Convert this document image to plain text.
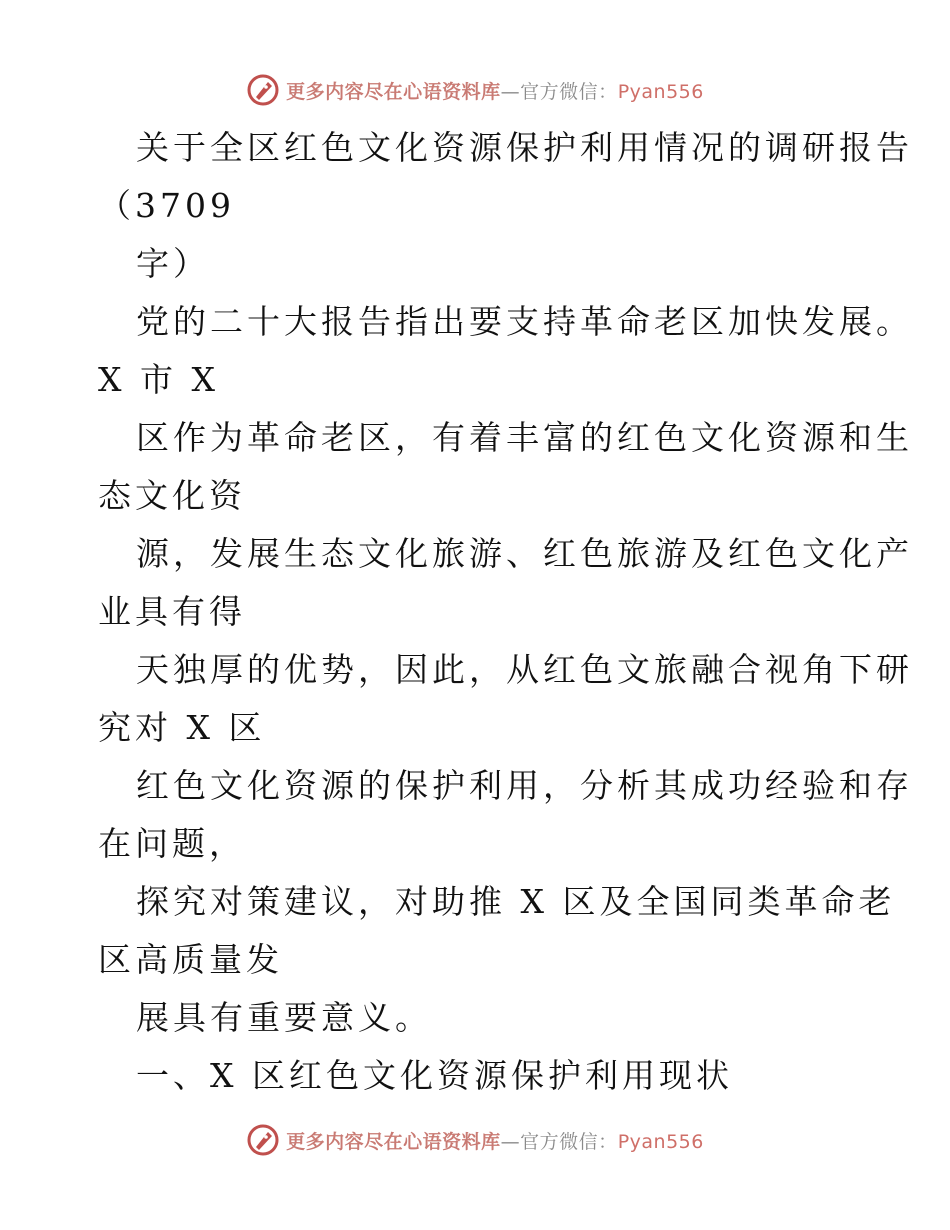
更多内容尽在心语资料库—官方微信：Pyan556
关于全区红色文化资源保护利用情况的调研报告
（3709
字）
党的二十大报告指出要支持革命老区加快发展。
X 市 X
区作为革命老区，有着丰富的红色文化资源和生
态文化资
源，发展生态文化旅游、红色旅游及红色文化产
业具有得
天独厚的优势，因此，从红色文旅融合视角下研
究对 X 区
红色文化资源的保护利用，分析其成功经验和存
在问题，
探究对策建议，对助推 X 区及全国同类革命老
区高质量发
展具有重要意义。
一、X 区红色文化资源保护利用现状
更多内容尽在心语资料库—官方微信：Pyan556
